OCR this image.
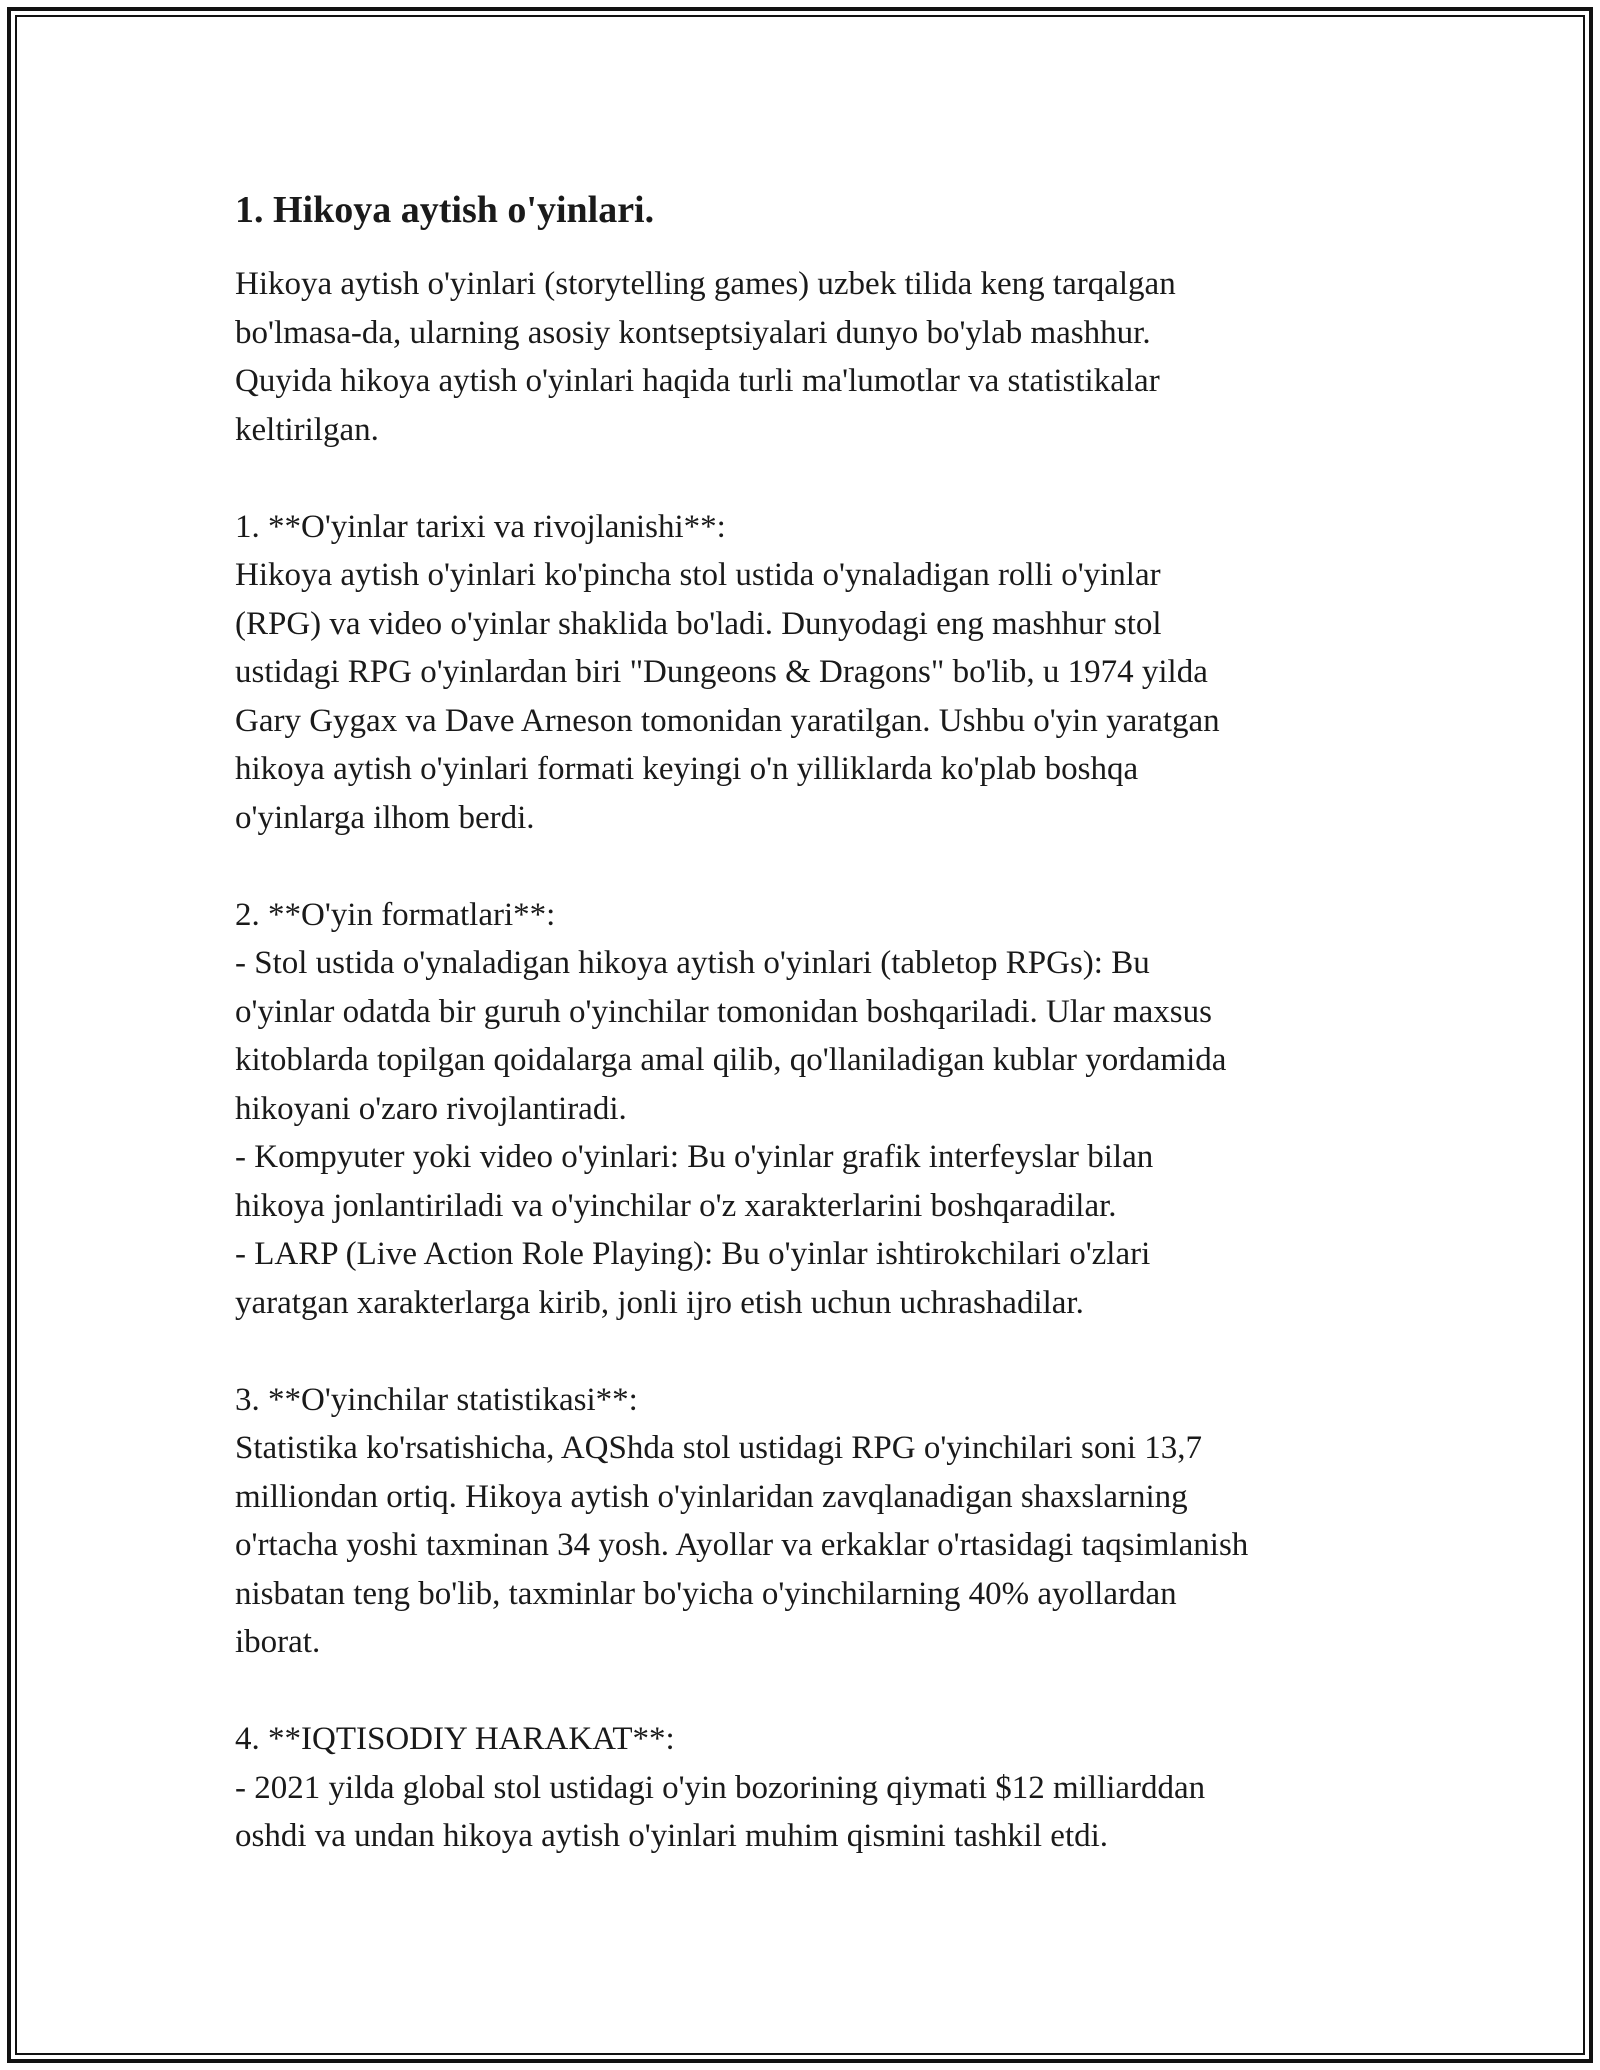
1. Hikoya aytish o'yinlari.

Hikoya aytish o'yinlari (storytelling games) uzbek tilida keng tarqalgan
bo'lmasa-da, ularning asosiy kontseptsiyalari dunyo bo'ylab mashhur.
Quyida hikoya aytish o'yinlari haqida turli ma'lumotlar va statistikalar
keltirilgan.

1. **O'yinlar tarixi va rivojlanishi**:

Hikoya aytish o'yinlari ko'pincha stol ustida o'ynaladigan rolli o'yinlar
(RPG) va video o'yinlar shaklida bo'ladi. Dunyodagi eng mashhur stol
ustidagi RPG o'yinlardan biri "Dungeons & Dragons" bo'lib, u 1974 yilda
Gary Gygax va Dave Arneson tomonidan yaratilgan. Ushbu o'yin yaratgan
hikoya aytish o'yinlari formati keyingi o'n yilliklarda ko'plab boshqa
o'yinlarga ilhom berdi.

2. **O'yin formatlari**:

- Stol ustida o'ynaladigan hikoya aytish o'yinlari (tabletop RPGs): Bu
o'yinlar odatda bir guruh o'yinchilar tomonidan boshqariladi. Ular maxsus
kitoblarda topilgan qoidalarga amal qilib, qo'llaniladigan kublar yordamida
hikoyani o'zaro rivojlantiradi.
- Kompyuter yoki video o'yinlari: Bu o'yinlar grafik interfeyslar bilan
hikoya jonlantiriladi va o'yinchilar o'z xarakterlarini boshqaradilar.
- LARP (Live Action Role Playing): Bu o'yinlar ishtirokchilari o'zlari
yaratgan xarakterlarga kirib, jonli ijro etish uchun uchrashadilar.

3. **O'yinchilar statistikasi**:

Statistika ko'rsatishicha, AQShda stol ustidagi RPG o'yinchilari soni 13,7
milliondan ortiq. Hikoya aytish o'yinlaridan zavqlanadigan shaxslarning
o'rtacha yoshi taxminan 34 yosh. Ayollar va erkaklar o'rtasidagi taqsimlanish
nisbatan teng bo'lib, taxminlar bo'yicha o'yinchilarning 40% ayollardan
iborat.

4. **IQTISODIY HARAKAT**:

- 2021 yilda global stol ustidagi o'yin bozorining qiymati $12 milliarddan
oshdi va undan hikoya aytish o'yinlari muhim qismini tashkil etdi.
